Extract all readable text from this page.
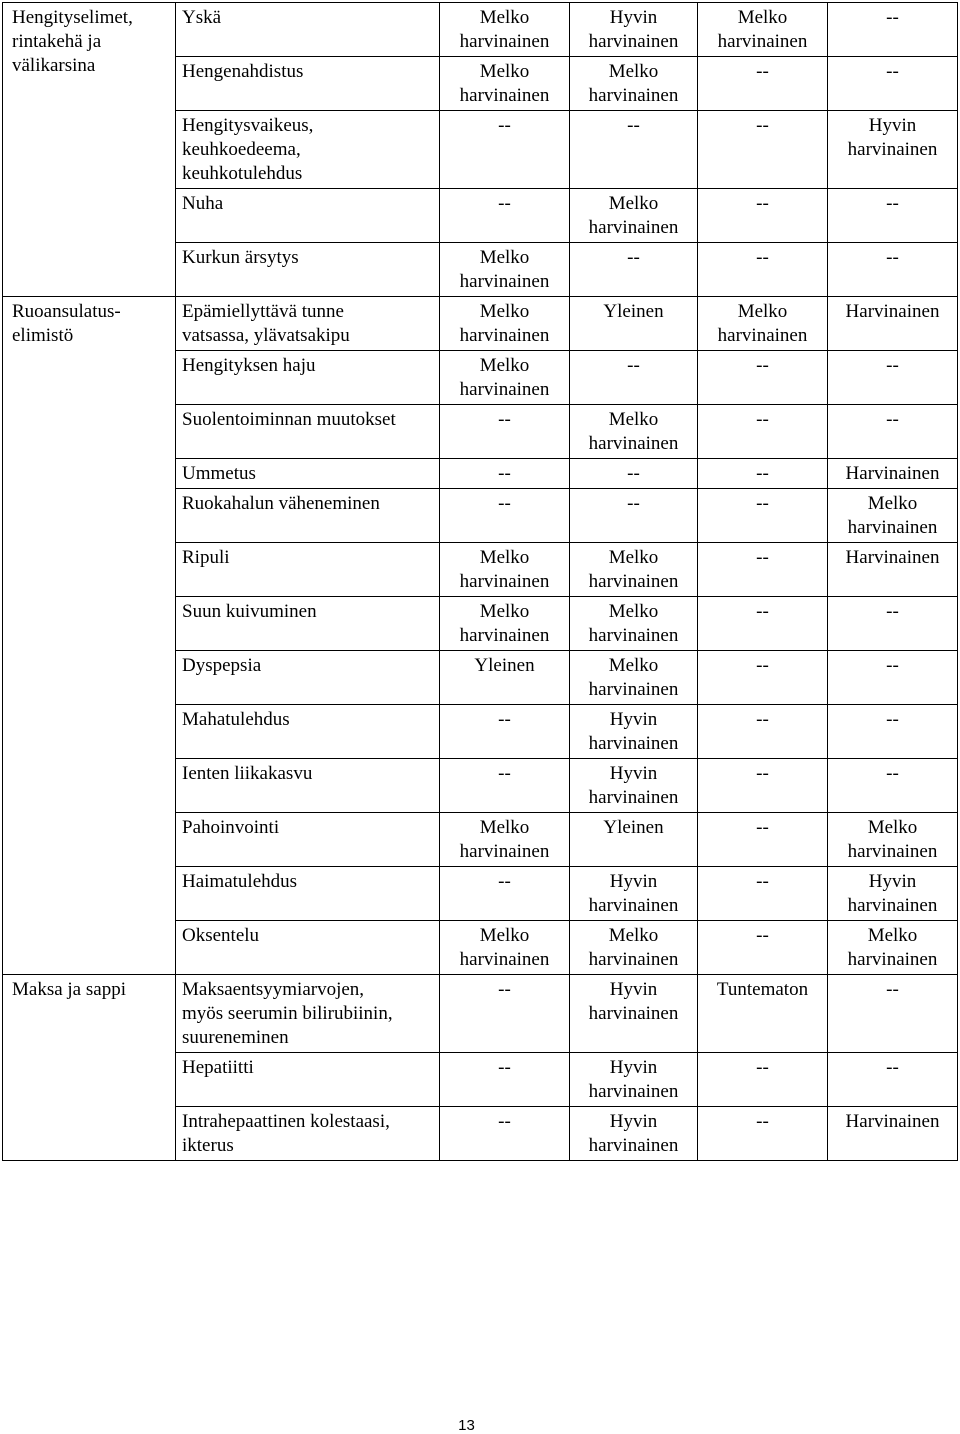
Hengityselimet,
rintakehä ja
välikarsina	Yskä	Melko
harvinainen	Hyvin
harvinainen	Melko
harvinainen	--
	Hengenahdistus	Melko
harvinainen	Melko
harvinainen	--	--
	Hengitysvaikeus,
keuhkoedeema,
keuhkotulehdus	--	--	--	Hyvin
harvinainen
	Nuha	--	Melko
harvinainen	--	--
	Kurkun ärsytys	Melko
harvinainen	--	--	--
Ruoansulatus-
elimistö	Epämiellyttävä tunne
vatsassa, ylävatsakipu	Melko
harvinainen	Yleinen	Melko
harvinainen	Harvinainen
	Hengityksen haju	Melko
harvinainen	--	--	--
	Suolentoiminnan muutokset	--	Melko
harvinainen	--	--
	Ummetus	--	--	--	Harvinainen
	Ruokahalun väheneminen	--	--	--	Melko
harvinainen
	Ripuli	Melko
harvinainen	Melko
harvinainen	--	Harvinainen
	Suun kuivuminen	Melko
harvinainen	Melko
harvinainen	--	--
	Dyspepsia	Yleinen	Melko
harvinainen	--	--
	Mahatulehdus	--	Hyvin
harvinainen	--	--
	Ienten liikakasvu	--	Hyvin
harvinainen	--	--
	Pahoinvointi	Melko
harvinainen	Yleinen	--	Melko
harvinainen
	Haimatulehdus	--	Hyvin
harvinainen	--	Hyvin
harvinainen
	Oksentelu	Melko
harvinainen	Melko
harvinainen	--	Melko
harvinainen
Maksa ja sappi	Maksaentsyymiarvojen,
myös seerumin bilirubiinin,
suureneminen	--	Hyvin
harvinainen	Tuntematon	--
	Hepatiitti	--	Hyvin
harvinainen	--	--
	Intrahepaattinen kolestaasi,
ikterus	--	Hyvin
harvinainen	--	Harvinainen
13
